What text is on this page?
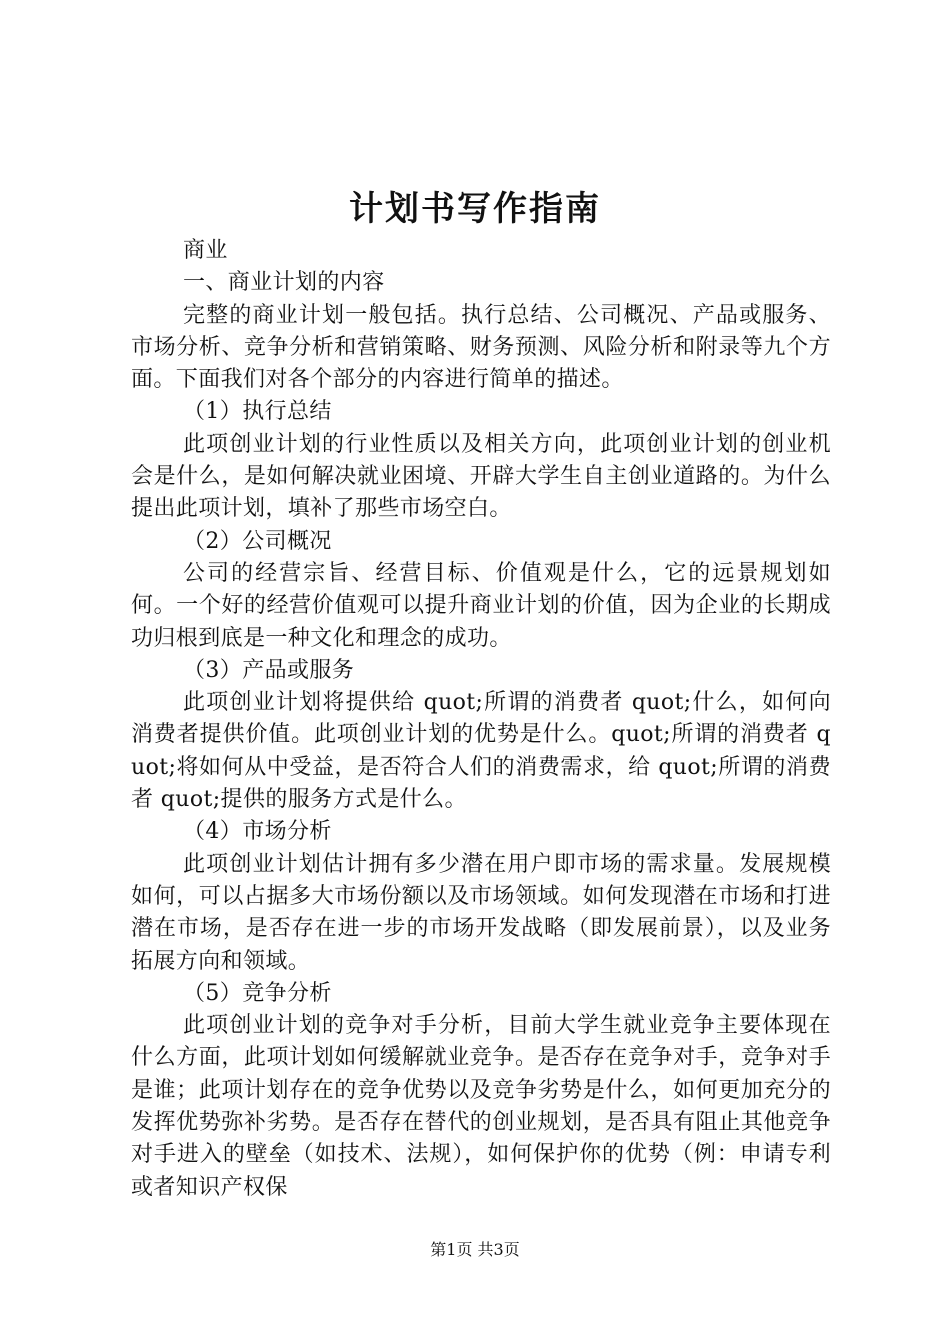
计划书写作指南

商业

一、商业计划的内容

完整的商业计划一般包括。执行总结、公司概况、产品或服务、市场分析、竞争分析和营销策略、财务预测、风险分析和附录等九个方面。下面我们对各个部分的内容进行简单的描述。

（1）执行总结

此项创业计划的行业性质以及相关方向，此项创业计划的创业机会是什么，是如何解决就业困境、开辟大学生自主创业道路的。为什么提出此项计划，填补了那些市场空白。

（2）公司概况

公司的经营宗旨、经营目标、价值观是什么，它的远景规划如何。一个好的经营价值观可以提升商业计划的价值，因为企业的长期成功归根到底是一种文化和理念的成功。

（3）产品或服务

此项创业计划将提供给 quot;所谓的消费者 quot;什么，如何向消费者提供价值。此项创业计划的优势是什么。quot;所谓的消费者 quot;将如何从中受益，是否符合人们的消费需求，给 quot;所谓的消费者 quot;提供的服务方式是什么。

（4）市场分析

此项创业计划估计拥有多少潜在用户即市场的需求量。发展规模如何，可以占据多大市场份额以及市场领域。如何发现潜在市场和打进潜在市场，是否存在进一步的市场开发战略（即发展前景），以及业务拓展方向和领域。

（5）竞争分析

此项创业计划的竞争对手分析，目前大学生就业竞争主要体现在什么方面，此项计划如何缓解就业竞争。是否存在竞争对手，竞争对手是谁；此项计划存在的竞争优势以及竞争劣势是什么，如何更加充分的发挥优势弥补劣势。是否存在替代的创业规划，是否具有阻止其他竞争对手进入的壁垒（如技术、法规），如何保护你的优势（例：申请专利或者知识产权保

第1页 共3页
